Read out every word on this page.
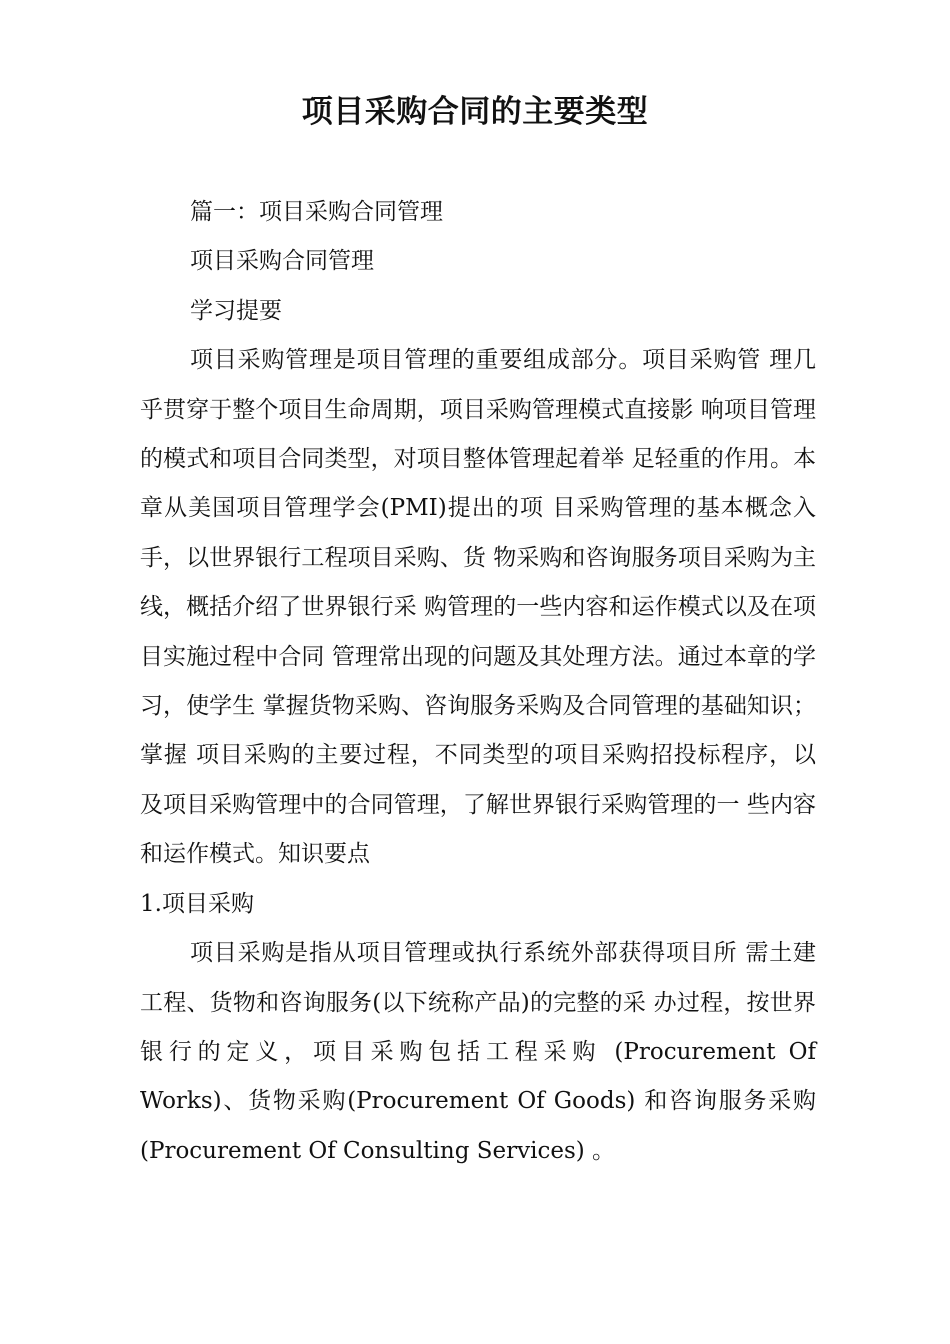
项目采购合同的主要类型

篇一：项目采购合同管理

项目采购合同管理

学习提要

项目采购管理是项目管理的重要组成部分。项目采购管 理几乎贯穿于整个项目生命周期，项目采购管理模式直接影 响项目管理的模式和项目合同类型，对项目整体管理起着举 足轻重的作用。本章从美国项目管理学会(PMI)提出的项 目采购管理的基本概念入手，以世界银行工程项目采购、货 物采购和咨询服务项目采购为主线，概括介绍了世界银行采 购管理的一些内容和运作模式以及在项目实施过程中合同 管理常出现的问题及其处理方法。通过本章的学习，使学生 掌握货物采购、咨询服务采购及合同管理的基础知识；掌握 项目采购的主要过程，不同类型的项目采购招投标程序，以 及项目采购管理中的合同管理，了解世界银行采购管理的一 些内容和运作模式。知识要点

1.项目采购

项目采购是指从项目管理或执行系统外部获得项目所 需土建工程、货物和咨询服务(以下统称产品)的完整的采 办过程，按世界银行的定义，项目采购包括工程采购 (Procurement Of Works)、货物采购(Procurement Of Goods) 和咨询服务采购(Procurement Of Consulting Services) 。
